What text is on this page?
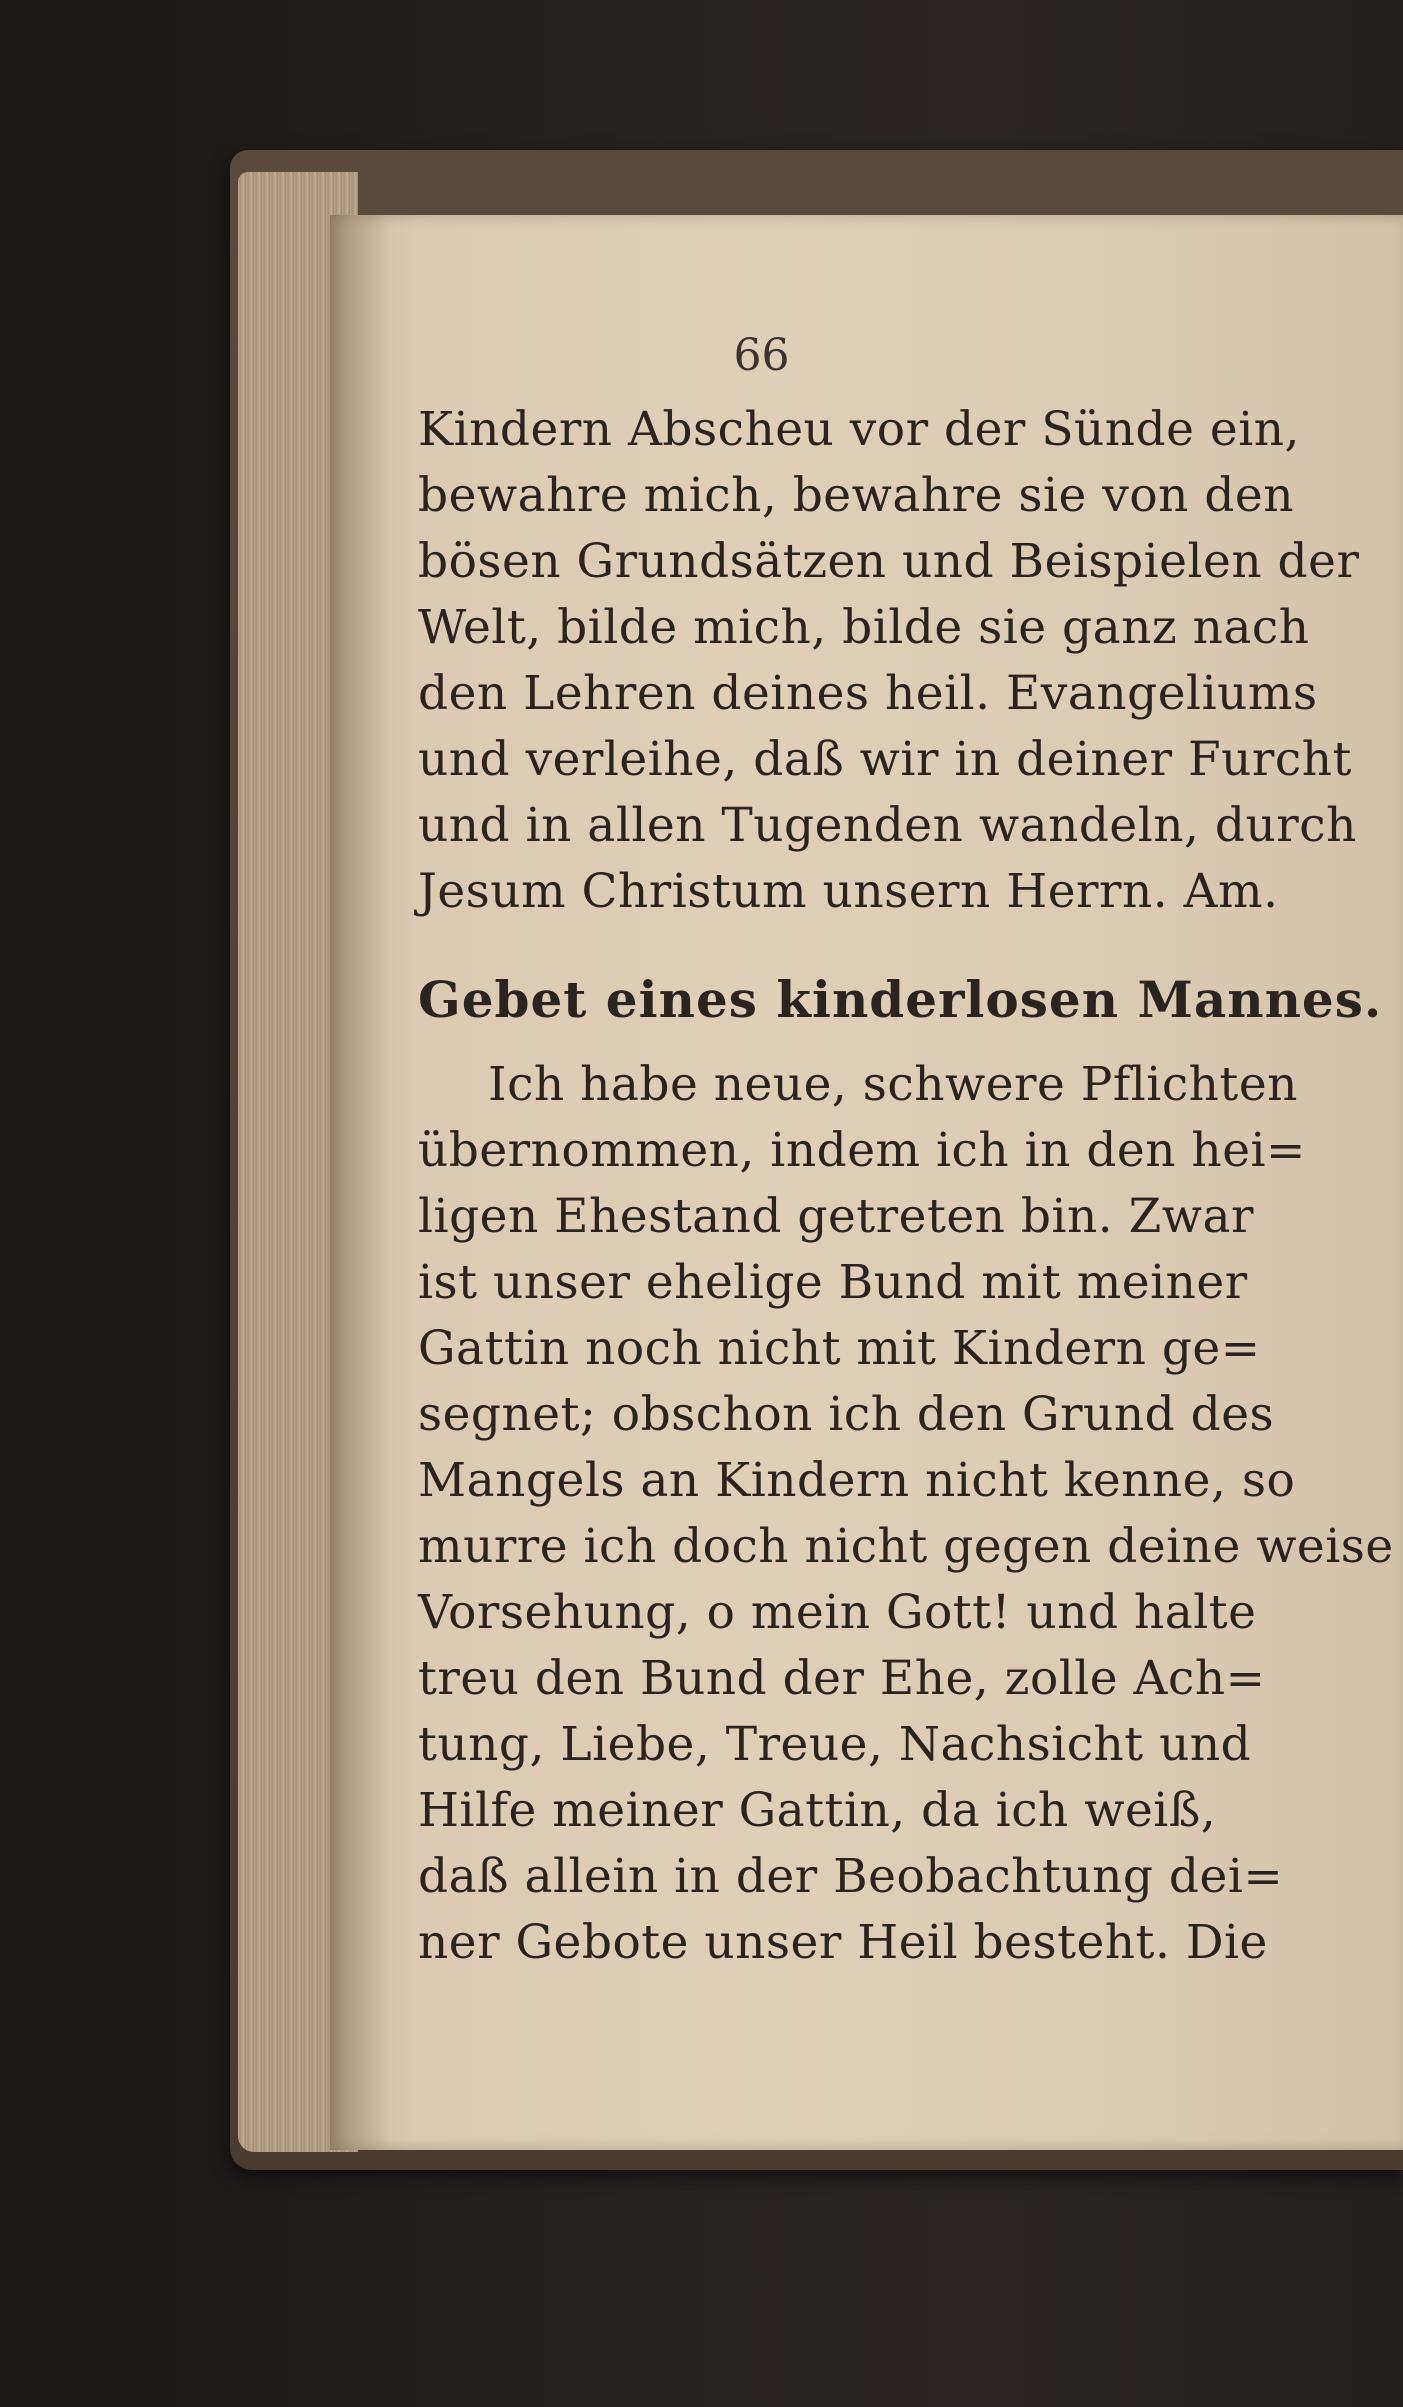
66
Kindern Abscheu vor der Sünde ein,
bewahre mich, bewahre sie von den
bösen Grundsätzen und Beispielen der
Welt, bilde mich, bilde sie ganz nach
den Lehren deines heil. Evangeliums
und verleihe, daß wir in deiner Furcht
und in allen Tugenden wandeln, durch
Jesum Christum unsern Herrn. Am.
Gebet eines kinderlosen Mannes.
Ich habe neue, schwere Pflichten
übernommen, indem ich in den hei=
ligen Ehestand getreten bin. Zwar
ist unser ehelige Bund mit meiner
Gattin noch nicht mit Kindern ge=
segnet; obschon ich den Grund des
Mangels an Kindern nicht kenne, so
murre ich doch nicht gegen deine weise
Vorsehung, o mein Gott! und halte
treu den Bund der Ehe, zolle Ach=
tung, Liebe, Treue, Nachsicht und
Hilfe meiner Gattin, da ich weiß,
daß allein in der Beobachtung dei=
ner Gebote unser Heil besteht. Die
